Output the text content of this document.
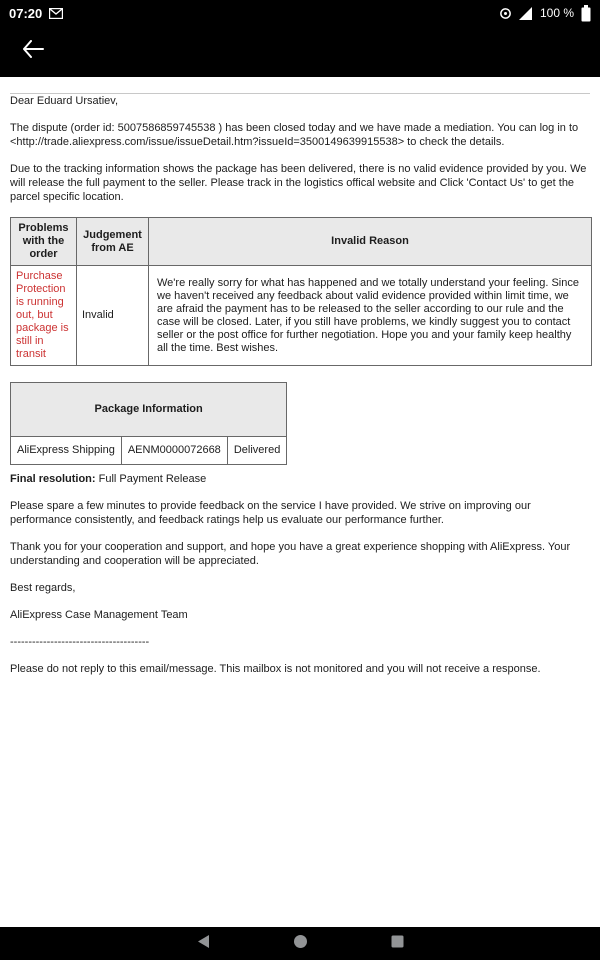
07:20	100 %

Dear Eduard Ursatiev,

The dispute (order id: 5007586859745538 ) has been closed today and we have made a mediation. You can log in to <http://trade.aliexpress.com/issue/issueDetail.htm?issueId=3500149639915538> to check the details.

Due to the tracking information shows the package has been delivered, there is no valid evidence provided by you. We will release the full payment to the seller. Please track in the logistics offical website and Click 'Contact Us' to get the parcel specific location.

Problems with the order	Judgement from AE	Invalid Reason
Purchase Protection is running out, but package is still in transit	Invalid	We're really sorry for what has happened and we totally understand your feeling. Since we haven't received any feedback about valid evidence provided within limit time, we are afraid the payment has to be released to the seller according to our rule and the case will be closed. Later, if you still have problems, we kindly suggest you to contact seller or the post office for further negotiation. Hope you and your family keep healthy all the time. Best wishes.
Package Information
AliExpress Shipping	AENM0000072668	Delivered

Final resolution: Full Payment Release

Please spare a few minutes to provide feedback on the service I have provided. We strive on improving our performance consistently, and feedback ratings help us evaluate our performance further.

Thank you for your cooperation and support, and hope you have a great experience shopping with AliExpress. Your understanding and cooperation will be appreciated.

Best regards,

AliExpress Case Management Team

--------------------------------------

Please do not reply to this email/message. This mailbox is not monitored and you will not receive a response.
